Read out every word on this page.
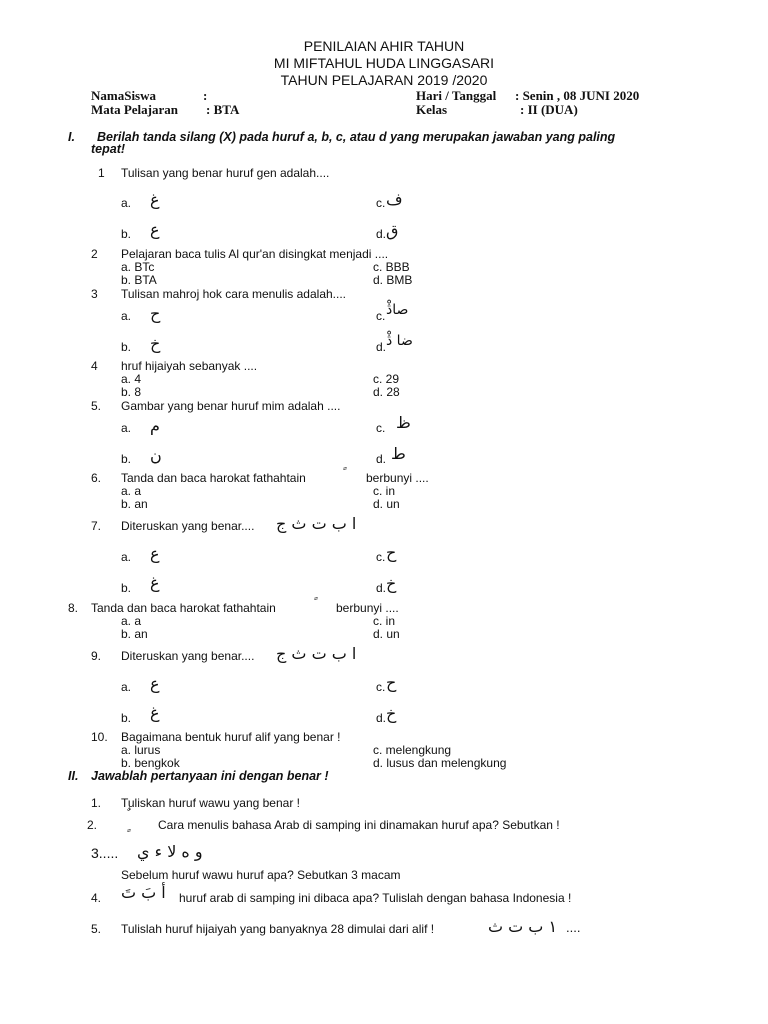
PENILAIAN AHIR TAHUN
MI MIFTAHUL HUDA LINGGASARI
TAHUN PELAJARAN 2019 /2020
NamaSiswa	:
Mata Pelajaran : BTA
Hari / Tanggal : Senin , 08 JUNI 2020
Kelas	: II (DUA)
I. Berilah tanda silang (X) pada huruf a, b, c, atau d yang merupakan jawaban yang paling
tepat!
1 Tulisan yang benar huruf gen adalah....
a. غ	c. ف
b. ع	d. ق
2 Pelajaran baca tulis Al qur'an disingkat menjadi ....
a. BTc	c. BBB
b. BTA	d. BMB
3 Tulisan mahroj hok cara menulis adalah....
a. ح	c. صاڎْ
b. خ	d. ضا ڎْ
4 hruf hijaiyah sebanyak ....
a. 4	c. 29
b. 8	d. 28
5. Gambar yang benar huruf mim adalah ....
a. م	c. ظ
b. ن	d. ط
6. Tanda dan baca harokat fathahtain	berbunyi ....
a. a	c. in
b. an	d. un
7. Diteruskan yang benar.... ا ب ت ث ج
a. ع	c. ح
b. غ	d. خ
8. Tanda dan baca harokat fathahtain	berbunyi ....
a. a	c. in
b. an	d. un
9. Diteruskan yang benar.... ا ب ت ث ج
a. ع	c. ح
b. غ	d. خ
10. Bagaimana bentuk huruf alif yang benar !
a. lurus	c. melengkung
b. bengkok	d. lusus dan melengkung
II. Jawablah pertanyaan ini dengan benar !
1. Tuliskan huruf wawu yang benar !
2.	Cara menulis bahasa Arab di samping ini dinamakan huruf apa? Sebutkan !
3..... و ه لا ء ي
Sebelum huruf wawu huruf apa? Sebutkan 3 macam
4. أ بَ تَ huruf arab di samping ini dibaca apa? Tulislah dengan bahasa Indonesia !
5. Tulislah huruf hijaiyah yang banyaknya 28 dimulai dari alif !	١ ب ت ث ....
